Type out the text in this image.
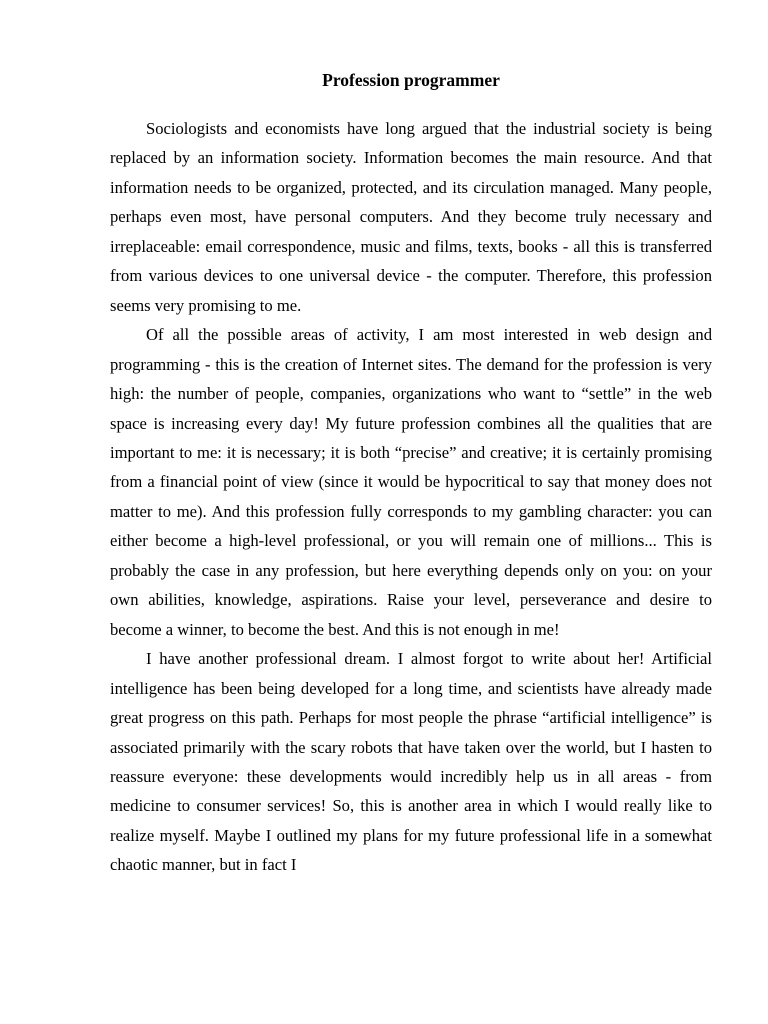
Profession programmer

Sociologists and economists have long argued that the industrial society is being replaced by an information society. Information becomes the main resource. And that information needs to be organized, protected, and its circulation managed. Many people, perhaps even most, have personal computers. And they become truly necessary and irreplaceable: email correspondence, music and films, texts, books - all this is transferred from various devices to one universal device - the computer. Therefore, this profession seems very promising to me.

Of all the possible areas of activity, I am most interested in web design and programming - this is the creation of Internet sites. The demand for the profession is very high: the number of people, companies, organizations who want to “settle” in the web space is increasing every day! My future profession combines all the qualities that are important to me: it is necessary; it is both “precise” and creative; it is certainly promising from a financial point of view (since it would be hypocritical to say that money does not matter to me). And this profession fully corresponds to my gambling character: you can either become a high-level professional, or you will remain one of millions... This is probably the case in any profession, but here everything depends only on you: on your own abilities, knowledge, aspirations. Raise your level, perseverance and desire to become a winner, to become the best. And this is not enough in me!

I have another professional dream. I almost forgot to write about her! Artificial intelligence has been being developed for a long time, and scientists have already made great progress on this path. Perhaps for most people the phrase “artificial intelligence” is associated primarily with the scary robots that have taken over the world, but I hasten to reassure everyone: these developments would incredibly help us in all areas - from medicine to consumer services! So, this is another area in which I would really like to realize myself. Maybe I outlined my plans for my future professional life in a somewhat chaotic manner, but in fact I
